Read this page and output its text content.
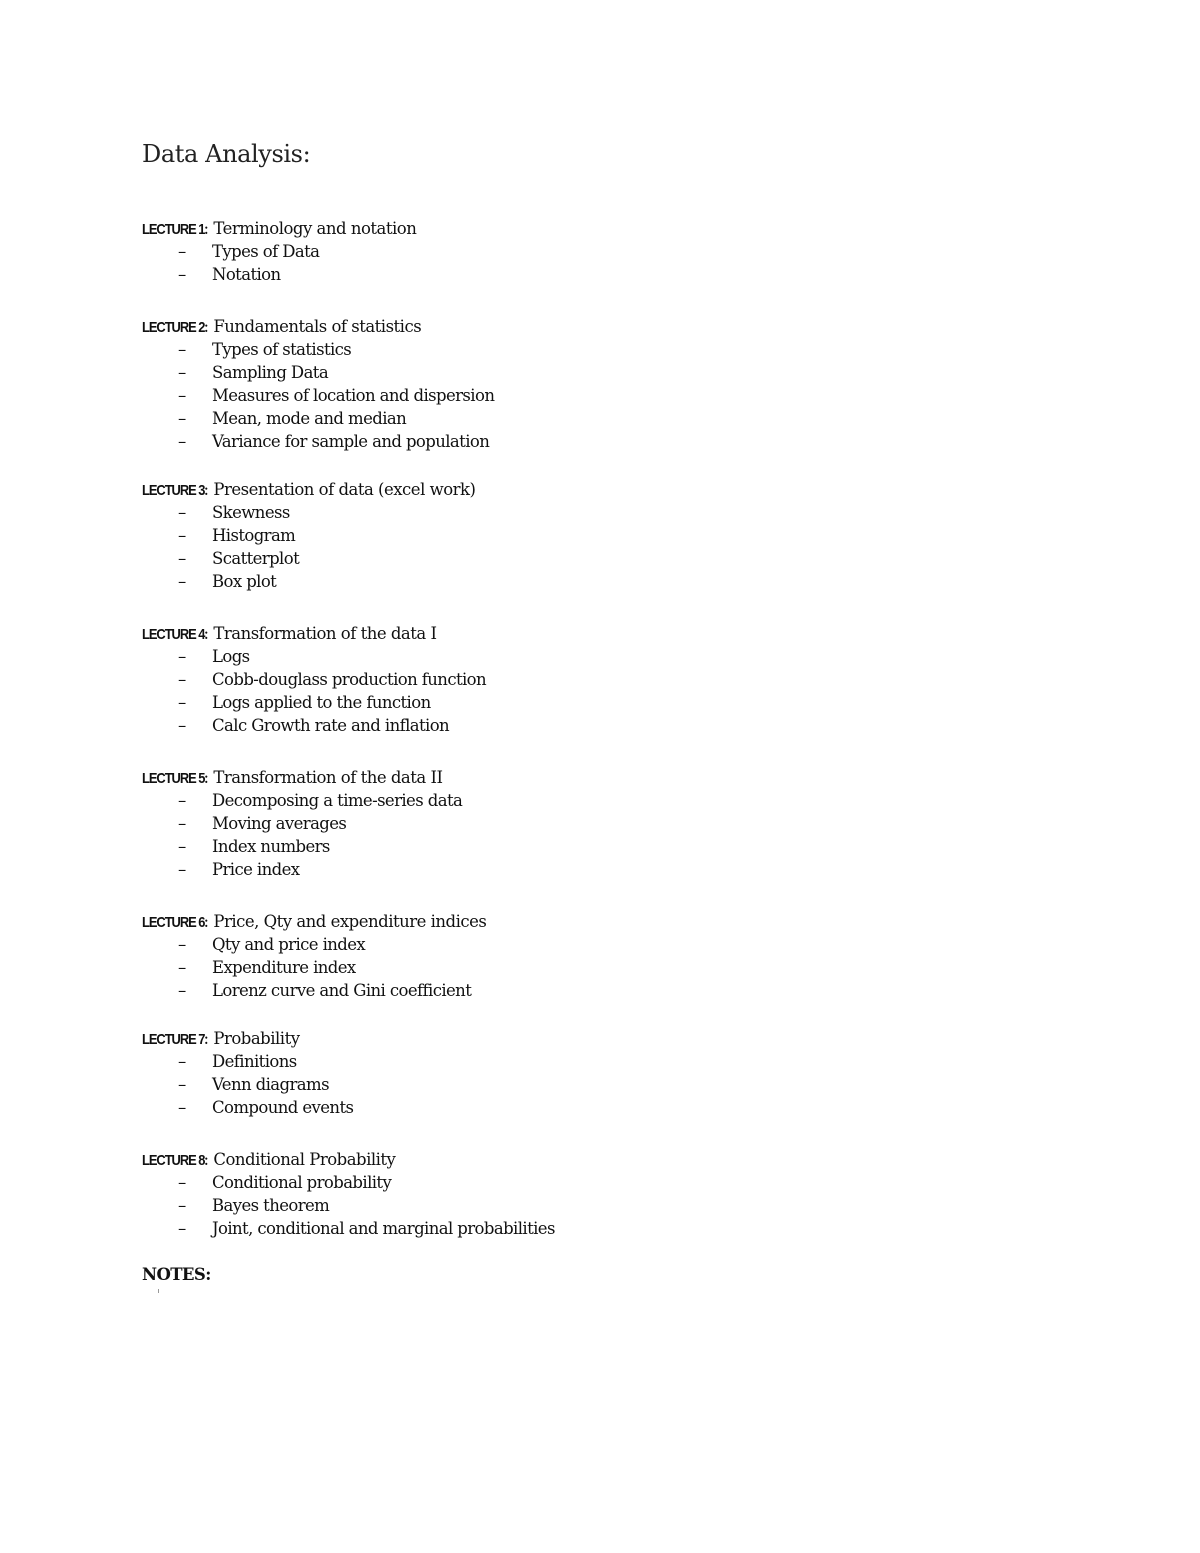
Data Analysis:
LECTURE 1: Terminology and notation
– Types of Data
– Notation
LECTURE 2: Fundamentals of statistics
– Types of statistics
– Sampling Data
– Measures of location and dispersion
– Mean, mode and median
– Variance for sample and population
LECTURE 3: Presentation of data (excel work)
– Skewness
– Histogram
– Scatterplot
– Box plot
LECTURE 4: Transformation of the data I
– Logs
– Cobb-douglass production function
– Logs applied to the function
– Calc Growth rate and inflation
LECTURE 5: Transformation of the data II
– Decomposing a time-series data
– Moving averages
– Index numbers
– Price index
LECTURE 6: Price, Qty and expenditure indices
– Qty and price index
– Expenditure index
– Lorenz curve and Gini coefficient
LECTURE 7: Probability
– Definitions
– Venn diagrams
– Compound events
LECTURE 8: Conditional Probability
– Conditional probability
– Bayes theorem
– Joint, conditional and marginal probabilities
NOTES:
